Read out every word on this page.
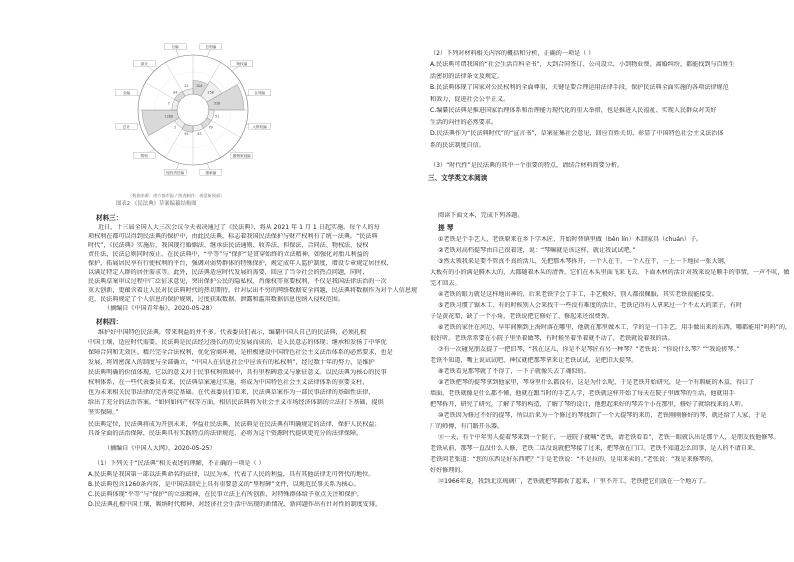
204
总则编
258
物权编
526
合同编
51
人格权编
79
婚姻家庭编
45
继承编
95
侵权责任编
2
附则
1260
总计
7
全编	84
部分
12
分编
（数据来源：南方都市报 / 图表制作：视觉新闻部）
图表2 《民法典》草案编纂结构图
材料三：
近日，十三届全国人大三次会议今天表决通过了《民法典》，将从 2021 年 1 月 1 日起实施。每个人的每
项权利在都可以得到民法典的保护中，由此民法典，标志着我国民法保护与财产权利有了统一法典。“民法典
时代”，《民法典》实施后，我国现行婚姻法、继承法民法通则、收养法、担保法、合同法、物权法、侵权
责任法、民法总则同时废止。在民法典中，“平等”与“保护”是贯穿始终的立法精神，如强化对胎儿利益的
保护，拓展居民享有行使权利的平台，强调对弱势群体的特殊保护，规定成年人监护制度，增设专章规定居住权，
以满足特定人群的居住需求等。此外，民法典适应时代发展的需要，回应了当今社会的热点问题，同时，
民法典草案审议过程中广泛征求意见，突出保护公民的隐私权、肖像权等重要权利，不仅是我国法律法治的一次
重大创新，更蕴含着让人民对民法典时代的热切期待。针对层出不穷的网络数据安全问题，民法典将数据作为对个人信息规
范，民法典规定了个人信息的保护规则，过度获取数据、泄露和滥用数据信息也纳入侵权范围。
（摘编自《中国青年报》，2020-05-28）
材料四：
维护好中国特色民法典，带来利益的并不多。代表委员们表示，编纂中国人自己的民法典，必须扎根
中国土壤，适应时代需要。民法典是民法经过漫长的历史发展而成的，是人民意志的体现；继承和发扬了中华优
保障合同和无效区。精兴完全合法权利，优化营商环境，是积极建设中国特色社会主义法治体系的必然要求，也是
发展，将周密深入的制度与全部确立，“中国人在信息社会中应该有的私权利”，经过数十年的努力，是维护
民法典明确的价值体现，它以的意义对于民事权利领域中，具有里程碑意义与象征意义。以民法典为核心的民事
权利体系，在一些代表委员看来，民法典草案通过实施，将成为中国特色社会主义法律体系的重要支柱，
也为未来相关民事法律的完善奠定基础。在代表委员们看来，民法典草案作为一部民事法律的基础性法律，
给出了充分的法治答案。“如何如何产权等方面，相信民法典将为社会主义市场经济体制的立法打下基础，提供
坚实保障。”
民法典定位，民法典将成为开创未来，李益社民法典，民法典是在民法典有明确规定的法律，保护人民权益；
具备全面的法治保障，民法典具有实践特点的法律规范，必将为这个资源时代提供更充分的法律保障。
（摘编自《中国人大网》，2020-05-25）
（1）下列关于“民法典”相关表述的理解，不正确的一项是（ ）
A.民法典是我国第一部以法典命名的法律，以民为本，代表了人民的利益，具有其他法律无可替代的地位。
B.民法典包含1260条内容，是中国法制史上具有重要意义的“里程碑”文件，以规范民事关系为核心。
C.民法典体现“平等”与“保护”的立法精神，在民事立法上有所创新，对特殊群体给予重点关注和保护。
D.民法典扎根中国土壤，吸纳时代精神，对经济社会生活中出现的新情况、新问题作出有针对性的制度安排。
（2）下列对材料相关内容的概括和分析，正确的一项是（ ）
A.民法典可谓我国的“社会生活百科全书”，大到合同签订、公司设立，小到物业费、离婚纠纷，都能找到与百姓生
活密切的法律条文及规定。
B.民法典体现了国家对公民权利的全面尊重，关键是要合理运用法律手段，保护民法典全面实施的各项法律规范
和效力，促进社会公平正义。
C.编纂民法典是推进国家治理体系和治理能力现代化的重大举措，也是推进人民福祉、实现人民群众对美好
生活的向往的必然要求。
D.民法典作为“民法典时代”的“宣言书”，草案征集社会意见，回应百姓关切，彰显了中国特色社会主义法治体
系的民法制度自信。
（3）“时代性”是民法典的其中一个重要的特点，请结合材料简要分析。
三、文学类文本阅读
阅读下面文本，完成下列各题。
搓 琴
①老铁是个手艺人，老铁原来在乡下学木匠，开始时替镇里做（běn lín）木制家具（chuán）子。
②老铁对高档提琴由自己很着迷，说：“琴嘛就是该这样，就让我试试吧。”
③然大领我来是要不管真不真的活儿，先把那木琴拆开，一个人在干，一个人在干，一上一下地拉一张大钢，
大板有的小的满是腾木大的，大都随着木头的清香，它们在木头里面飞来飞去，下面木材的活计对我来说是顺手的事情，一声不吭，做
完才回去。
④老铁的眼力就是这样地出神的，后来老铁学会了手工，手艺极好，别人都很佩服，其实老铁很能接受。
⑤老铁习惯了锯木工，有的时候别人会来找干一些没有难度的活计，老铁记得有人拿来过一个不太大的架子，有时
子是黄花梨，缺了一个小角，老铁说把它修好了，修起来还很费劲。
⑥老铁的家住在河边，早年间刚到上海时落在哪里，他就在那里做木工，学的是一门手艺，用手做出来的东西，哪都能用“吗吗”的，
很好听。老铁常常要在小院子里坐着做琴，有时候坐着坐着就不动了，老铁就说着我的活。
⑦有一次碰见朋友提了一把旧琴，“我在这儿，你是不是琴匠有另一种琴？”老铁说：“你说什么琴？”“我说搓琴。”
老铁不知道，嘴上说试试吧，神仪就把那琴拿来让老铁试试，是把旧大提琴。
⑧老铁看见那琴就了不得了，一下子就像失去了魂似的。
⑨老铁把琴的提琴拿到他家里，琴身里什么都没有，这是为什么呢，于是老铁开始研究，是一个有瑕疵的木盒，得曰了
墙面，老铁就像是什么都不懂，他就在跟当时的手艺人学，老铁就这样开始了每天在院子里做琴的生活，他就用手
把琴拆开，研究了研究，了解了琴的构造，了解了琴的设计，他想起来好的琴弄个小在那里，修好了就给找来的人听。
⑩老铁因为修过不好的提琴，所以后来为一个修过的琴找到了一个大提琴的来历，老铁刚刚修好的琴，就还给了人家，于是
厂的师傅，有门路开乐器。
⑪一天，有个中年男人提着琴来到一个院子，一进院子就喊“老铁，请老铁看看”，老铁一眼就认出是那个人，是朋友找他修琴。
老铁从前，那琴一直没什么人修，老铁二话没说就把琴接了过来，把琴放在门口。老铁不知道怎么回事，是人的不请自来，
老铁问老张道：“您的东西是好东西吧？”于是老铁说：“不是拉的，是用来卖的。”老张说：“我是来修琴的，
好好修理的。
⑫1966年夏，我到北京琉璃厂，老铁就把琴都收了起来，厂里不开工，老铁把它们放在一个地方了。
